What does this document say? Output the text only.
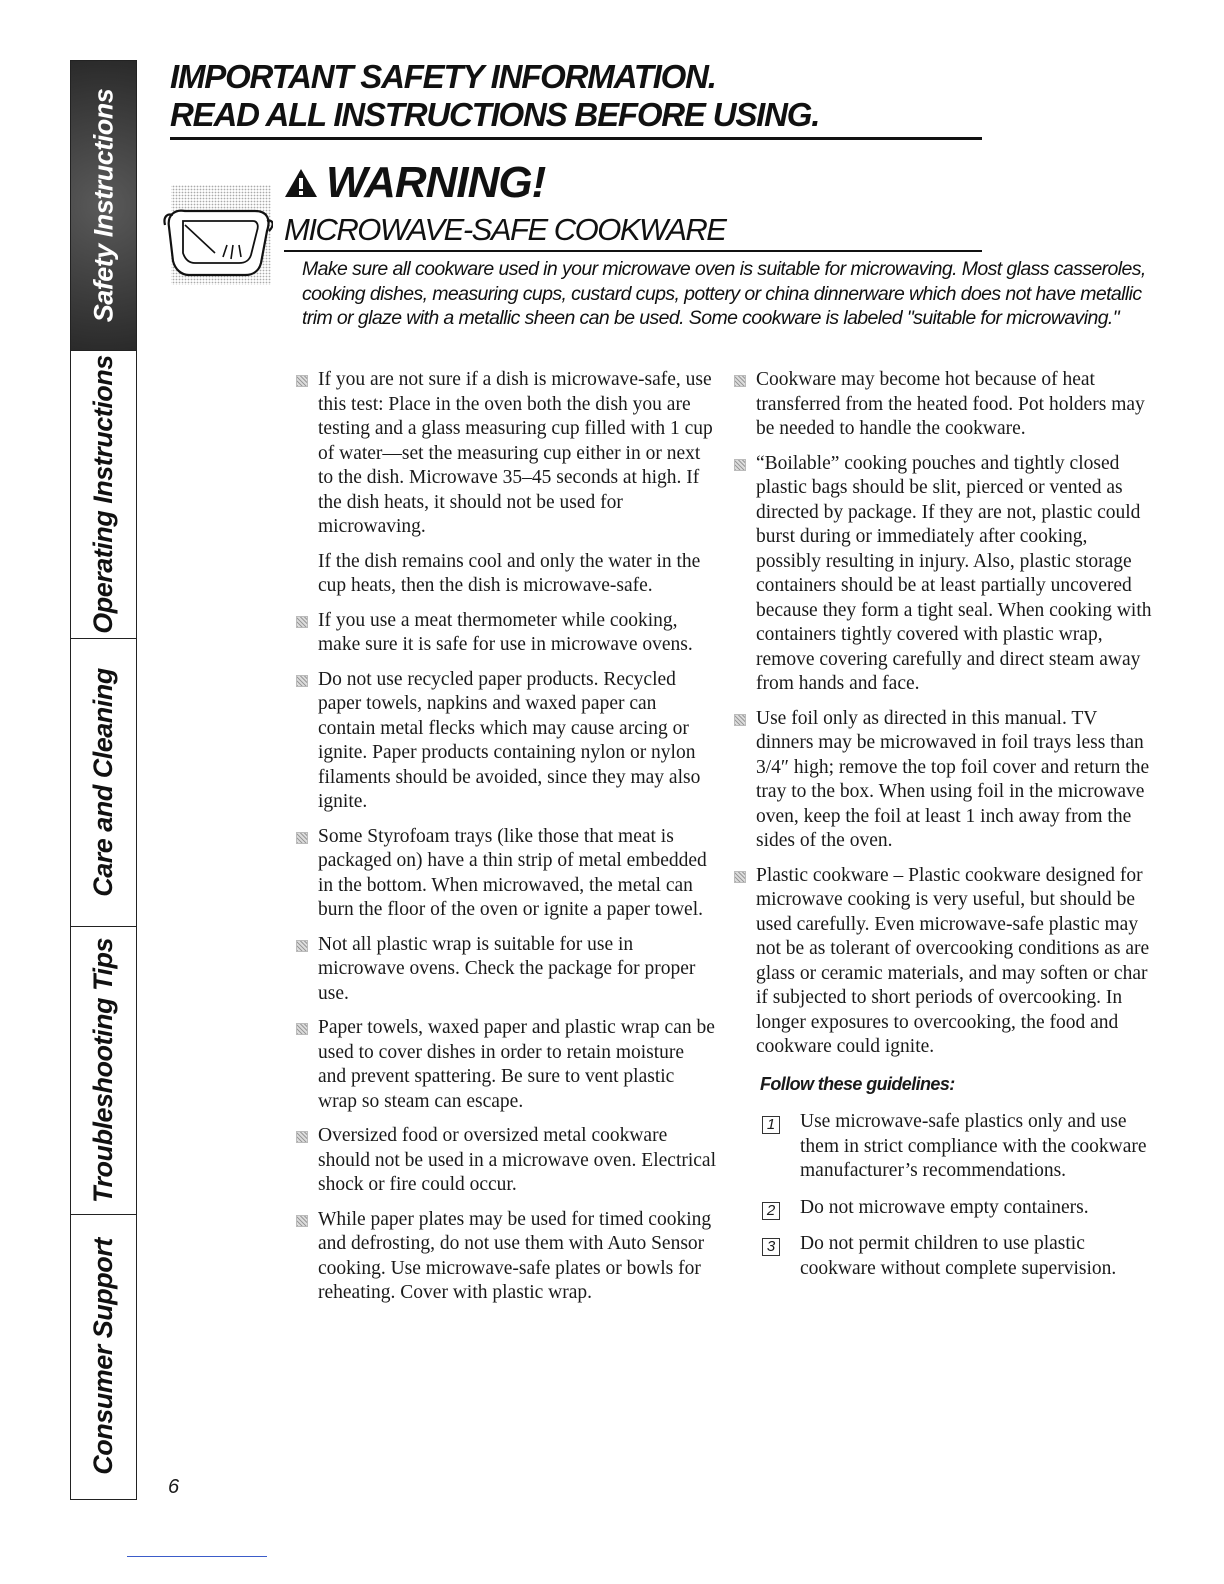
Safety Instructions
Operating Instructions
Care and Cleaning
Troubleshooting Tips
Consumer Support
IMPORTANT SAFETY INFORMATION.
READ ALL INSTRUCTIONS BEFORE USING.
WARNING!
MICROWAVE-SAFE COOKWARE
Make sure all cookware used in your microwave oven is suitable for microwaving. Most glass casseroles, cooking dishes, measuring cups, custard cups, pottery or china dinnerware which does not have metallic trim or glaze with a metallic sheen can be used. Some cookware is labeled "suitable for microwaving."
If you are not sure if a dish is microwave-safe, use this test: Place in the oven both the dish you are testing and a glass measuring cup filled with 1 cup of water—set the measuring cup either in or next to the dish. Microwave 35–45 seconds at high. If the dish heats, it should not be used for microwaving.
If the dish remains cool and only the water in the cup heats, then the dish is microwave-safe.
If you use a meat thermometer while cooking, make sure it is safe for use in microwave ovens.
Do not use recycled paper products. Recycled paper towels, napkins and waxed paper can contain metal flecks which may cause arcing or ignite. Paper products containing nylon or nylon filaments should be avoided, since they may also ignite.
Some Styrofoam trays (like those that meat is packaged on) have a thin strip of metal embedded in the bottom. When microwaved, the metal can burn the floor of the oven or ignite a paper towel.
Not all plastic wrap is suitable for use in microwave ovens. Check the package for proper use.
Paper towels, waxed paper and plastic wrap can be used to cover dishes in order to retain moisture and prevent spattering. Be sure to vent plastic wrap so steam can escape.
Oversized food or oversized metal cookware should not be used in a microwave oven. Electrical shock or fire could occur.
While paper plates may be used for timed cooking and defrosting, do not use them with Auto Sensor cooking. Use microwave-safe plates or bowls for reheating. Cover with plastic wrap.
Cookware may become hot because of heat transferred from the heated food. Pot holders may be needed to handle the cookware.
“Boilable” cooking pouches and tightly closed plastic bags should be slit, pierced or vented as directed by package. If they are not, plastic could burst during or immediately after cooking, possibly resulting in injury. Also, plastic storage containers should be at least partially uncovered because they form a tight seal. When cooking with containers tightly covered with plastic wrap, remove covering carefully and direct steam away from hands and face.
Use foil only as directed in this manual. TV dinners may be microwaved in foil trays less than 3/4″ high; remove the top foil cover and return the tray to the box. When using foil in the microwave oven, keep the foil at least 1 inch away from the sides of the oven.
Plastic cookware – Plastic cookware designed for microwave cooking is very useful, but should be used carefully. Even microwave-safe plastic may not be as tolerant of overcooking conditions as are glass or ceramic materials, and may soften or char if subjected to short periods of overcooking. In longer exposures to overcooking, the food and cookware could ignite.
Follow these guidelines:
1 Use microwave-safe plastics only and use them in strict compliance with the cookware manufacturer’s recommendations.
2 Do not microwave empty containers.
3 Do not permit children to use plastic cookware without complete supervision.
6
